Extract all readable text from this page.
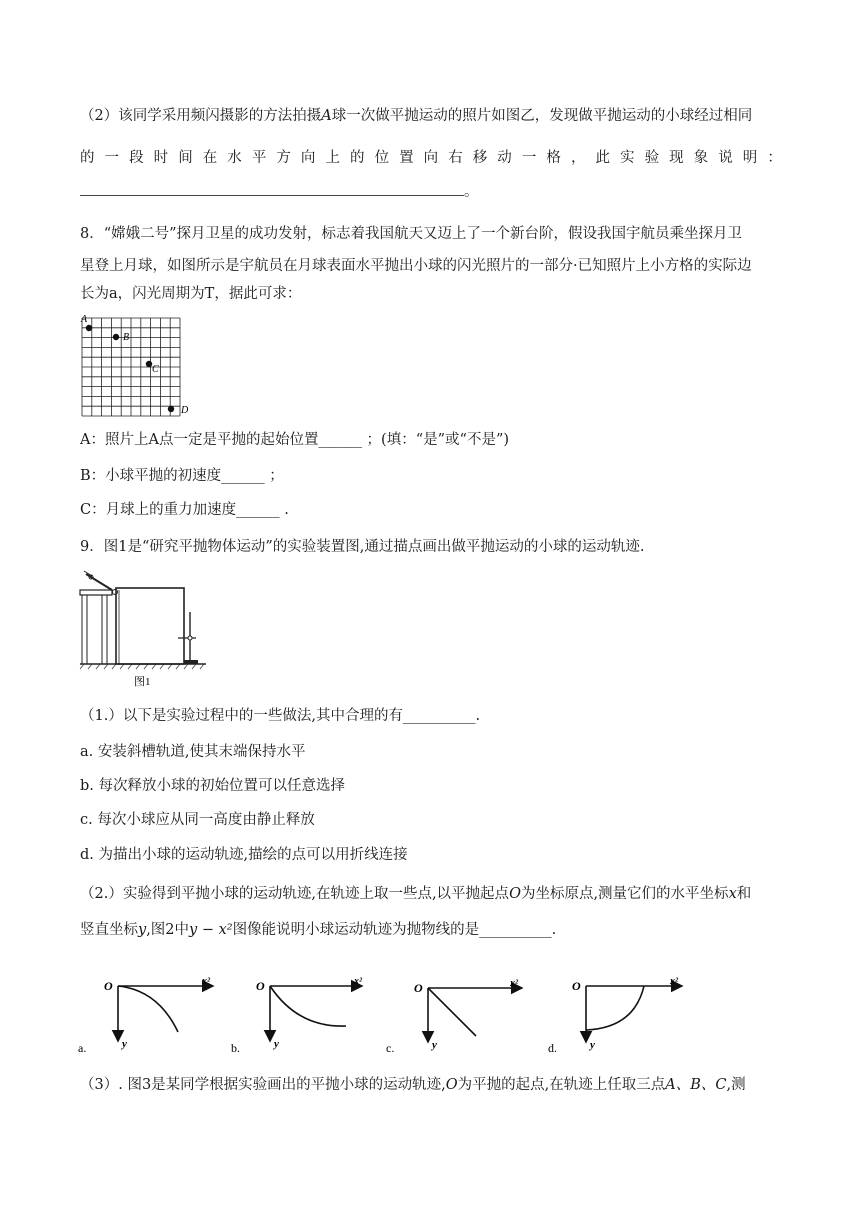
（2）该同学采用频闪摄影的方法拍摄A球一次做平抛运动的照片如图乙，发现做平抛运动的小球经过相同
的 一 段 时 间 在 水 平 方 向 上 的 位 置 向 右 移 动 一 格 ， 此 实 验 现 象 说 明 ：
。
8．“嫦娥二号”探月卫星的成功发射，标志着我国航天又迈上了一个新台阶，假设我国宇航员乘坐探月卫
星登上月球，如图所示是宇航员在月球表面水平抛出小球的闪光照片的一部分·已知照片上小方格的实际边
长为a，闪光周期为T，据此可求：
A
B
C
D
A：照片上A点一定是平抛的起始位置______ ；(填：“是”或“不是”)
B：小球平抛的初速度______ ；
C：月球上的重力加速度______ .
9．图1是“研究平抛物体运动”的实验装置图,通过描点画出做平抛运动的小球的运动轨迹.
图1
（1.）以下是实验过程中的一些做法,其中合理的有__________.
a. 安装斜槽轨道,使其末端保持水平
b. 每次释放小球的初始位置可以任意选择
c. 每次小球应从同一高度由静止释放
d. 为描出小球的运动轨迹,描绘的点可以用折线连接
（2.）实验得到平抛小球的运动轨迹,在轨迹上取一些点,以平抛起点O为坐标原点,测量它们的水平坐标x和
竖直坐标y,图2中y − x²图像能说明小球运动轨迹为抛物线的是__________.
O	x²
y
a.
O	x²
y
b.
O	x²
y
c.
O	x²
y
d.
（3）. 图3是某同学根据实验画出的平抛小球的运动轨迹,O为平抛的起点,在轨迹上任取三点A、B、C,测
